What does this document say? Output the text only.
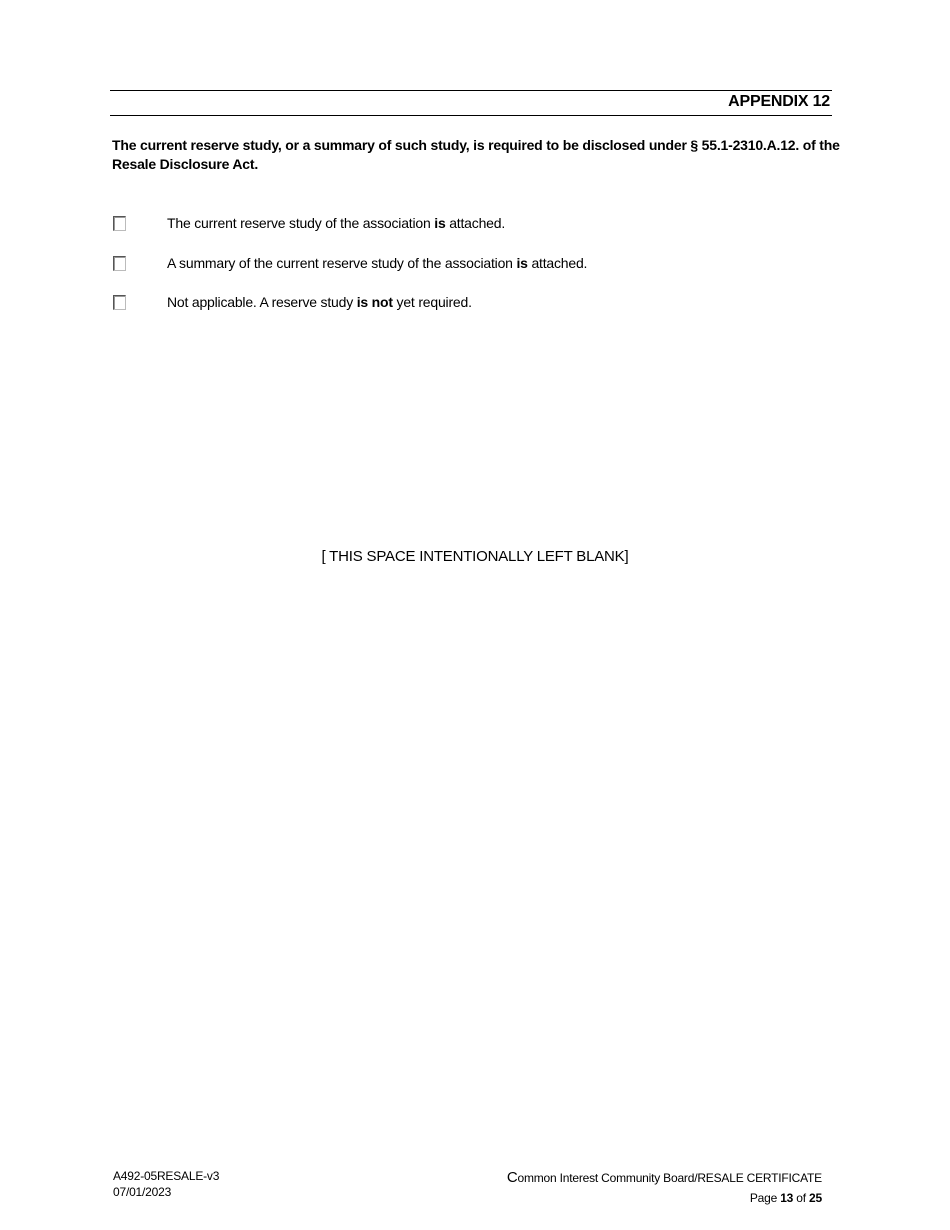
APPENDIX 12
The current reserve study, or a summary of such study, is required to be disclosed under § 55.1-2310.A.12. of the Resale Disclosure Act.
The current reserve study of the association is attached.
A summary of the current reserve study of the association is attached.
Not applicable. A reserve study is not yet required.
[ THIS SPACE INTENTIONALLY LEFT BLANK]
A492-05RESALE-v3
07/01/2023
Common Interest Community Board/RESALE CERTIFICATE
Page 13 of 25
